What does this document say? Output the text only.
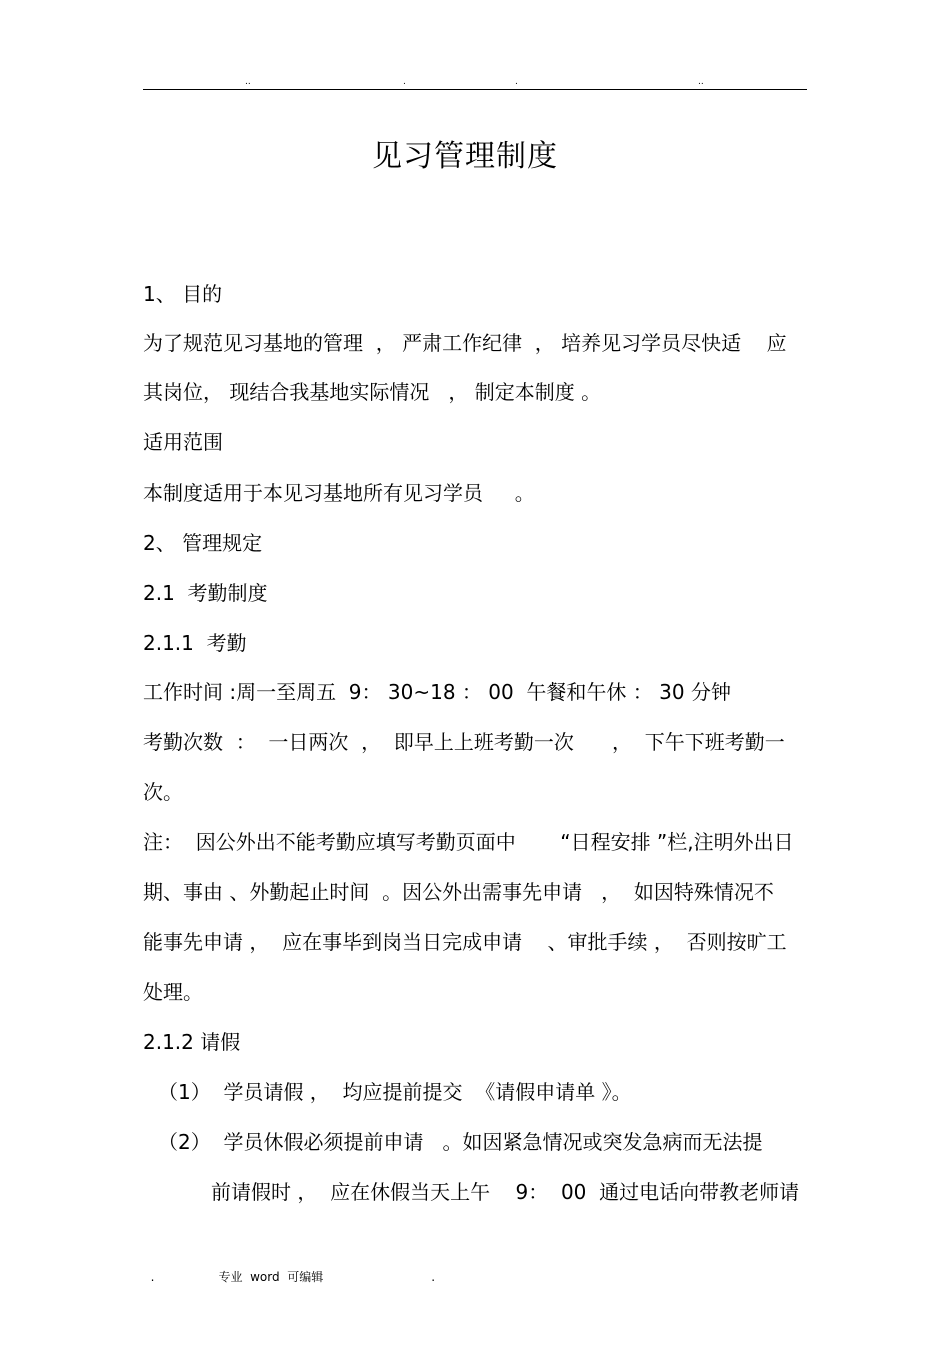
..	.	.	..
见习管理制度
1、 目的
为了规范见习基地的管理  ， 严肃工作纪律  ， 培养见习学员尽快适    应
其岗位， 现结合我基地实际情况   ， 制定本制度 。
适用范围
本制度适用于本见习基地所有见习学员     。
2、 管理规定
2.1  考勤制度
2.1.1  考勤
工作时间 :周一至周五  9： 30~18 ： 00  午餐和午休 ： 30 分钟
考勤次数  ：  一日两次  ，  即早上上班考勤一次      ，  下午下班考勤一
次。
注：  因公外出不能考勤应填写考勤页面中       “日程安排 ”栏,注明外出日
期、事由 、外勤起止时间  。因公外出需事先申请   ，  如因特殊情况不
能事先申请 ，  应在事毕到岗当日完成申请    、审批手续 ，  否则按旷工
处理。
2.1.2 请假
（1）  学员请假 ，  均应提前提交  《请假申请单 》。
（2）  学员休假必须提前申请   。如因紧急情况或突发急病而无法提
前请假时 ，  应在休假当天上午    9：  00  通过电话向带教老师请

.	专业  word  可编辑	.
